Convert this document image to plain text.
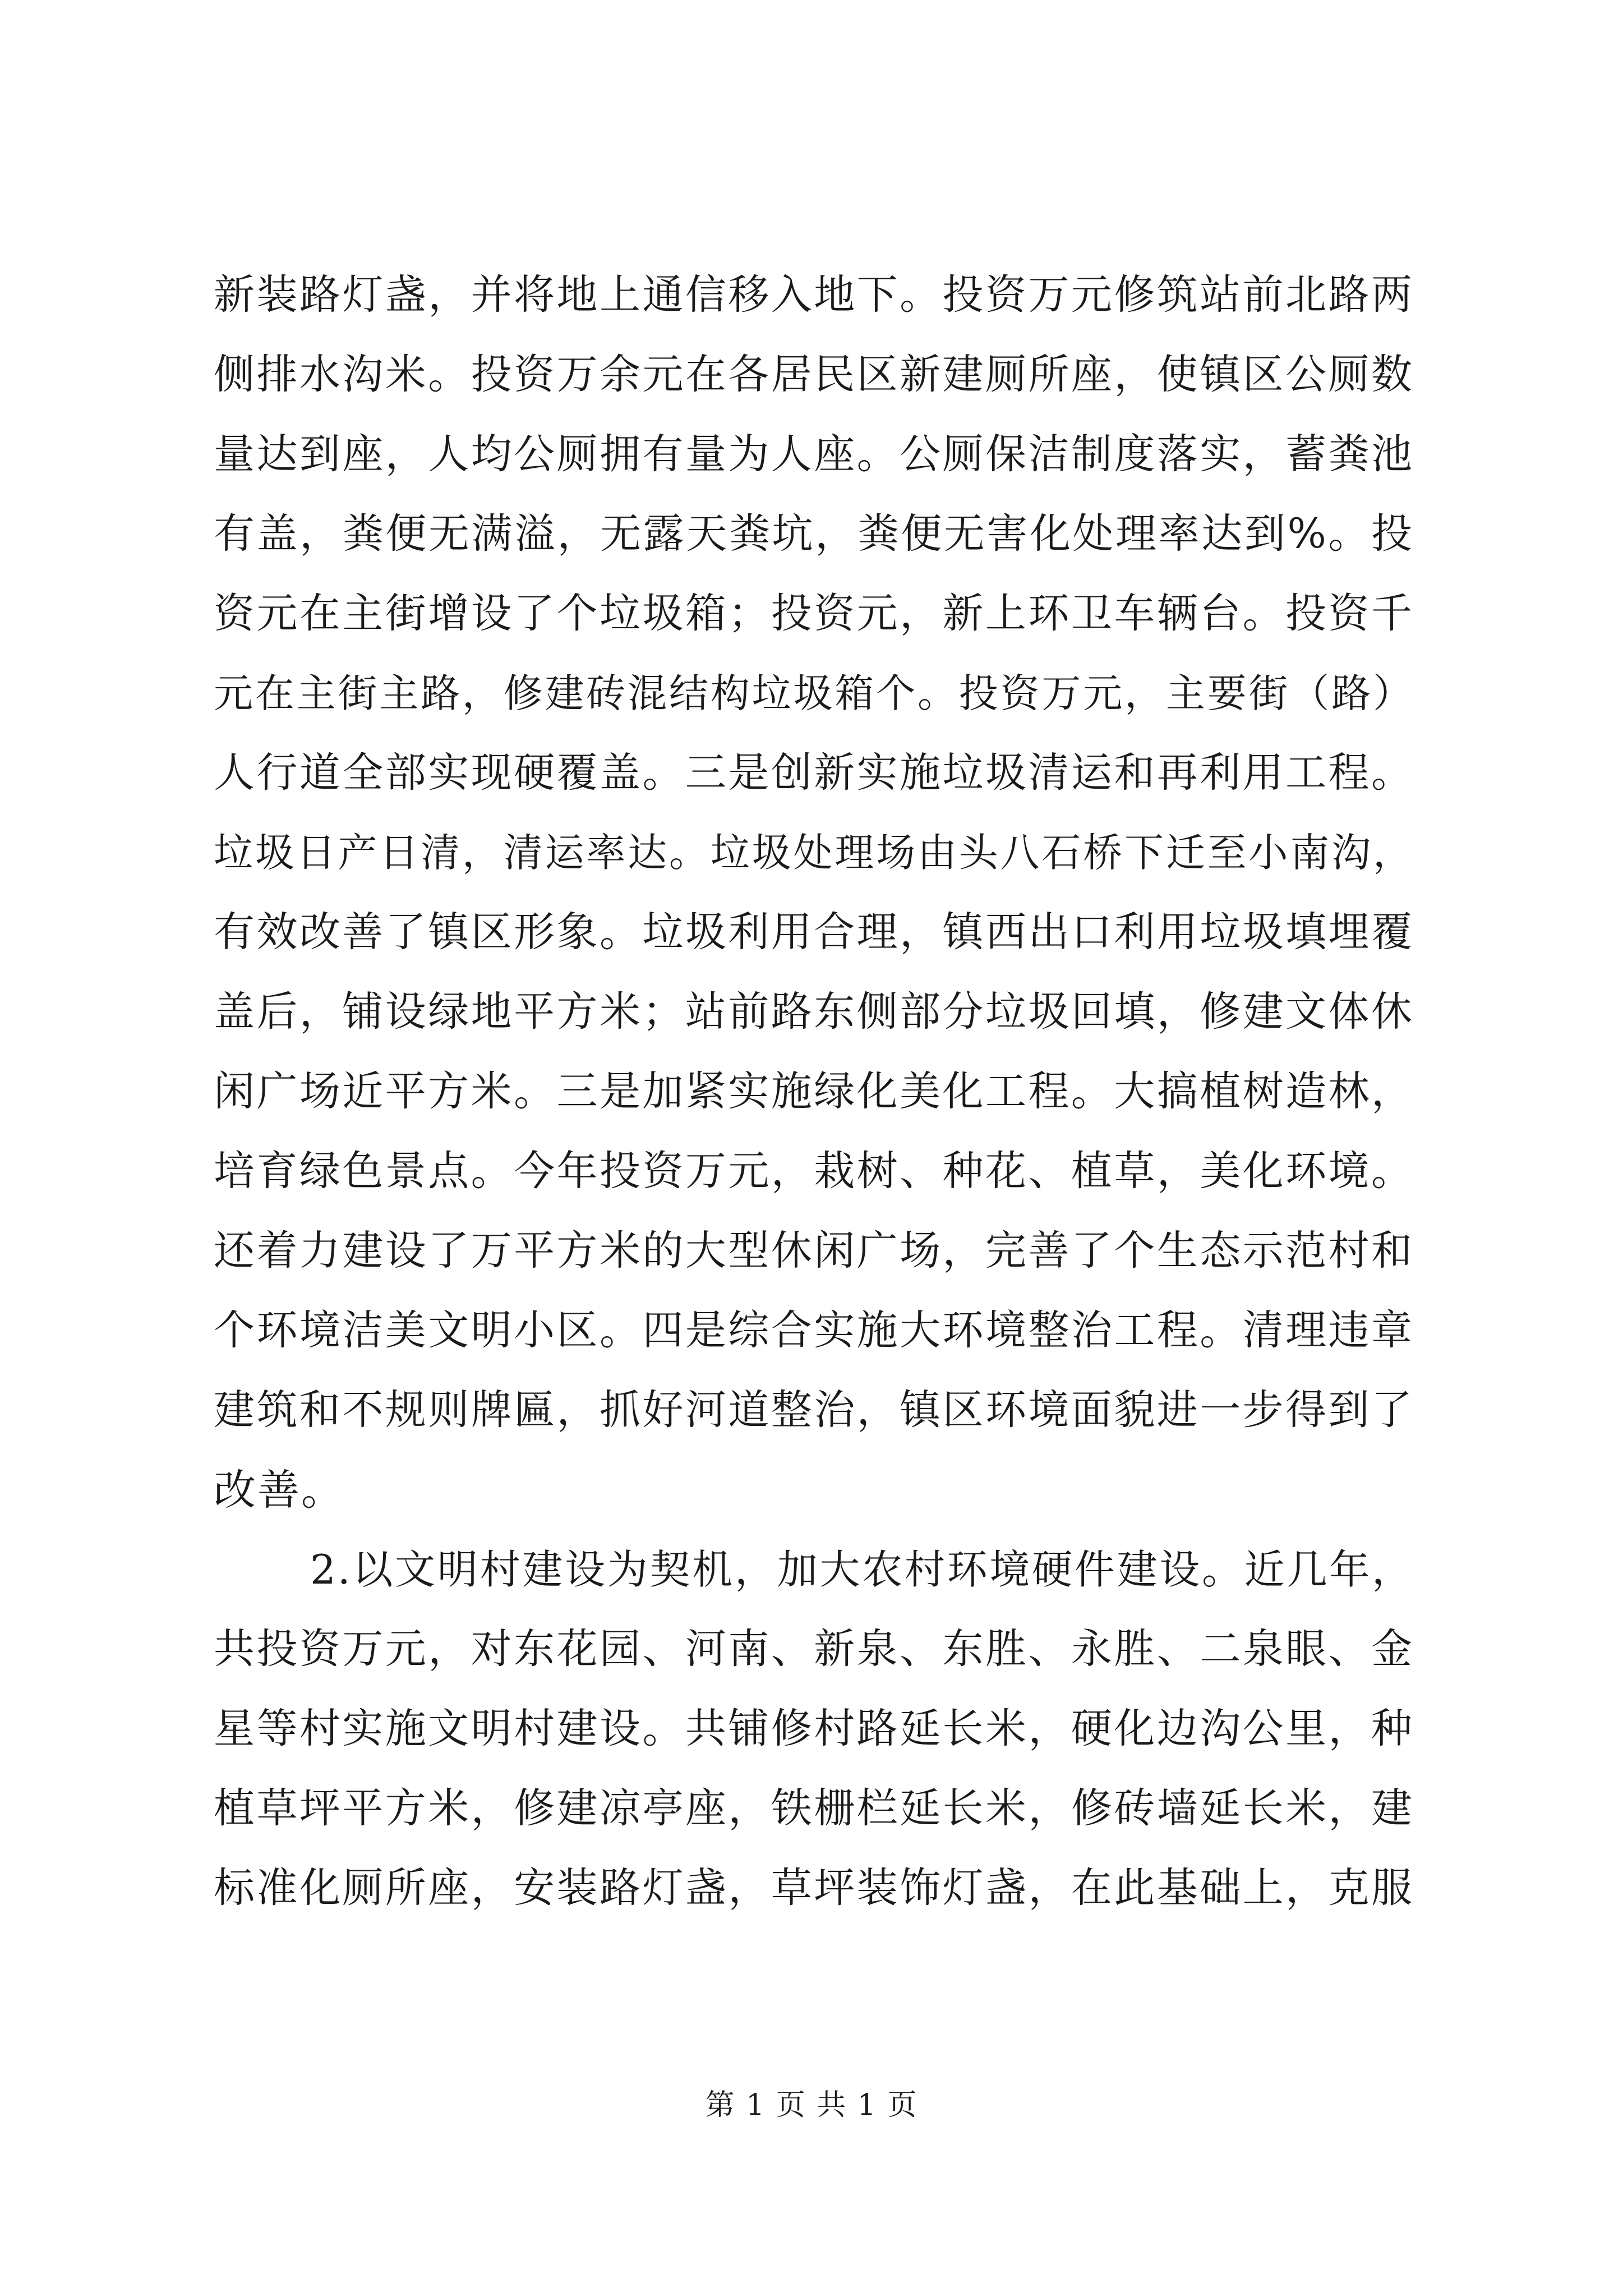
新装路灯盏，并将地上通信移入地下。投资万元修筑站前北路两
侧排水沟米。投资万余元在各居民区新建厕所座，使镇区公厕数
量达到座，人均公厕拥有量为人座。公厕保洁制度落实，蓄粪池
有盖，粪便无满溢，无露天粪坑，粪便无害化处理率达到%。投
资元在主街增设了个垃圾箱；投资元，新上环卫车辆台。投资千
元在主街主路，修建砖混结构垃圾箱个。投资万元，主要街（路）
人行道全部实现硬覆盖。三是创新实施垃圾清运和再利用工程。
垃圾日产日清，清运率达。垃圾处理场由头八石桥下迁至小南沟，
有效改善了镇区形象。垃圾利用合理，镇西出口利用垃圾填埋覆
盖后，铺设绿地平方米；站前路东侧部分垃圾回填，修建文体休
闲广场近平方米。三是加紧实施绿化美化工程。大搞植树造林，
培育绿色景点。今年投资万元，栽树、种花、植草，美化环境。
还着力建设了万平方米的大型休闲广场，完善了个生态示范村和
个环境洁美文明小区。四是综合实施大环境整治工程。清理违章
建筑和不规则牌匾，抓好河道整治，镇区环境面貌进一步得到了
改善。
2.以文明村建设为契机，加大农村环境硬件建设。近几年，
共投资万元，对东花园、河南、新泉、东胜、永胜、二泉眼、金
星等村实施文明村建设。共铺修村路延长米，硬化边沟公里，种
植草坪平方米，修建凉亭座，铁栅栏延长米，修砖墙延长米，建
标准化厕所座，安装路灯盏，草坪装饰灯盏，在此基础上，克服
第 1 页 共 1 页
